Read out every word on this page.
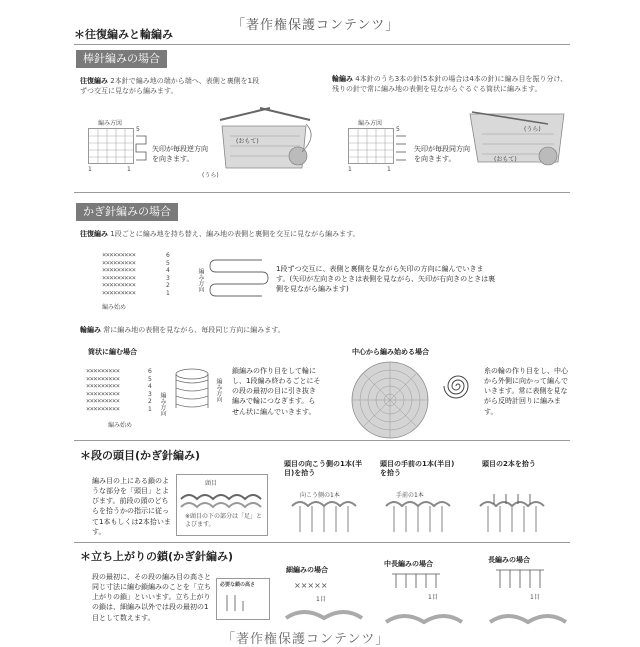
「著作権保護コンテンツ」
＊往復編みと輪編み
棒針編みの場合
往復編み 2本針で編み地の端から端へ、表側と裏側を1段ずつ交互に見ながら編みます。
編み方図
5
1	1
矢印が毎段逆方向を向きます。
(おもて)
(うら)
輪編み 4本針のうち3本の針(5本針の場合は4本の針)に編み目を振り分け、残りの針で常に編み地の表側を見ながらぐるぐる筒状に編みます。
編み方図
5
1	1
矢印が毎段同方向を向きます。
(うら)
(おもて)
かぎ針編みの場合
往復編み 1段ごとに編み地を持ち替え、編み地の表側と裏側を交互に見ながら編みます。
×××××××××
×××××××××
×××××××××
×××××××××
×××××××××
×××××××××
6
5
4
3
2
1
編み始め
編み方向	1段ずつ交互に、表側と裏側を見ながら矢印の方向に編んでいきます。(矢印が左向きのときは表側を見ながら、矢印が右向きのときは裏側を見ながら編みます)
輪編み 常に編み地の表側を見ながら、毎段同じ方向に編みます。
筒状に編む場合
×××××××××
×××××××××
×××××××××
×××××××××
×××××××××
×××××××××
6
5
4
3
2
1
編み始め
編み方向
編み方向
鎖編みの作り目をして輪にし、1段編み終わるごとにその段の最初の目に引き抜き編みで輪につなぎます。らせん状に編んでいきます。
中心から編み始める場合
糸の輪の作り目をし、中心から外側に向かって編んでいきます。常に表側を見ながら反時計回りに編みます。
＊段の頭目(かぎ針編み)
編み目の上にある鎖のような部分を「頭目」とよびます。前段の頭のどちらを拾うかの指示に従って1本もしくは2本拾います。
頭目
※頭目の下の部分は「足」とよびます。
頭目の向こう側の1本(半目)を拾う
頭目の手前の1本(半目)を拾う
頭目の2本を拾う
向こう側の1本	手前の1本
＊立ち上がりの鎖(かぎ針編み)
段の最初に、その段の編み目の高さと同じ寸法に編む鎖編みのことを「立ち上がりの鎖」といいます。立ち上がりの鎖は、細編み以外では段の最初の1目として数えます。
必要な鎖の高さ
細編みの場合
中長編みの場合	長編みの場合
×××××
1目	1目	1目
「著作権保護コンテンツ」
